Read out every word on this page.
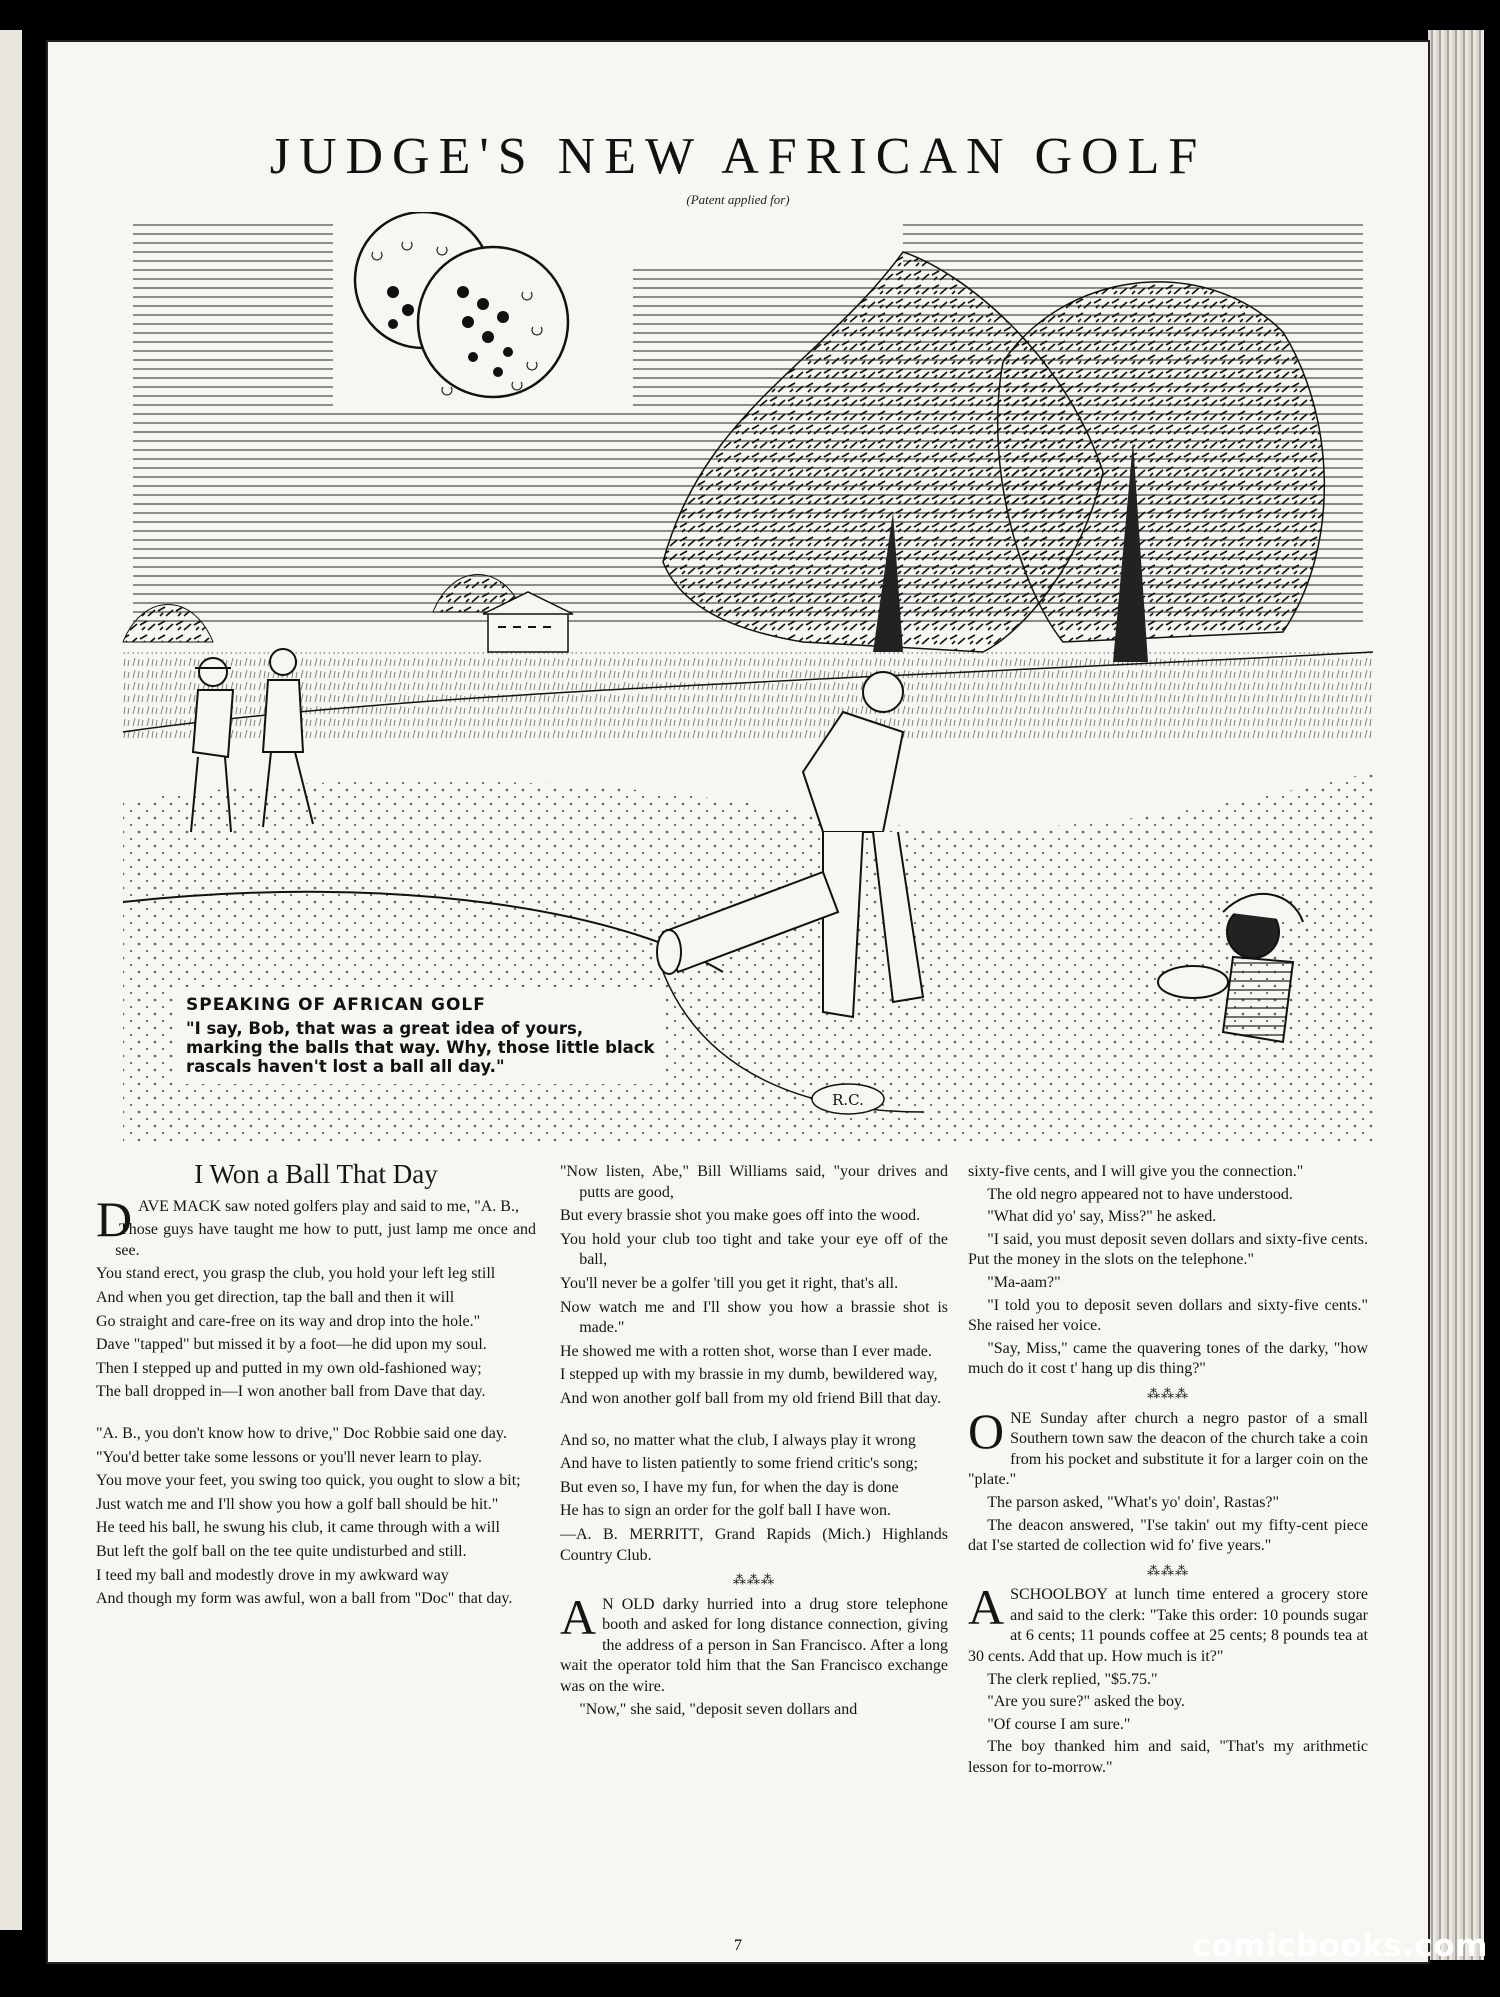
JUDGE'S NEW AFRICAN GOLF
(Patent applied for)
R.C.
SPEAKING OF AFRICAN GOLF
"I say, Bob, that was a great idea of yours, marking the balls that way. Why, those little black rascals haven't lost a ball all day."
I Won a Ball That Day

DAVE MACK saw noted golfers play and said to me, "A. B.,

Those guys have taught me how to putt, just lamp me once and see.

You stand erect, you grasp the club, you hold your left leg still

And when you get direction, tap the ball and then it will

Go straight and care-free on its way and drop into the hole."

Dave "tapped" but missed it by a foot—he did upon my soul.

Then I stepped up and putted in my own old-fashioned way;

The ball dropped in—I won another ball from Dave that day.

"A. B., you don't know how to drive," Doc Robbie said one day.

"You'd better take some lessons or you'll never learn to play.

You move your feet, you swing too quick, you ought to slow a bit;

Just watch me and I'll show you how a golf ball should be hit."

He teed his ball, he swung his club, it came through with a will

But left the golf ball on the tee quite undisturbed and still.

I teed my ball and modestly drove in my awkward way

And though my form was awful, won a ball from "Doc" that day.

"Now listen, Abe," Bill Williams said, "your drives and putts are good,

But every brassie shot you make goes off into the wood.

You hold your club too tight and take your eye off of the ball,

You'll never be a golfer 'till you get it right, that's all.

Now watch me and I'll show you how a brassie shot is made."

He showed me with a rotten shot, worse than I ever made.

I stepped up with my brassie in my dumb, bewildered way,

And won another golf ball from my old friend Bill that day.

And so, no matter what the club, I always play it wrong

And have to listen patiently to some friend critic's song;

But even so, I have my fun, for when the day is done

He has to sign an order for the golf ball I have won.

—A. B. MERRITT, Grand Rapids (Mich.) Highlands Country Club.

⁂⁂⁂

A N OLD darky hurried into a drug store telephone booth and asked for long distance connection, giving the address of a person in San Francisco. After a long wait the operator told him that the San Francisco exchange was on the wire.

"Now," she said, "deposit seven dollars and

sixty-five cents, and I will give you the connection."

The old negro appeared not to have understood.

"What did yo' say, Miss?" he asked.

"I said, you must deposit seven dollars and sixty-five cents. Put the money in the slots on the telephone."

"Ma-aam?"

"I told you to deposit seven dollars and sixty-five cents." She raised her voice.

"Say, Miss," came the quavering tones of the darky, "how much do it cost t' hang up dis thing?"

⁂⁂⁂

ONE Sunday after church a negro pastor of a small Southern town saw the deacon of the church take a coin from his pocket and substitute it for a larger coin on the "plate."

The parson asked, "What's yo' doin', Rastas?"

The deacon answered, "I'se takin' out my fifty-cent piece dat I'se started de collection wid fo' five years."

⁂⁂⁂

ASCHOOLBOY at lunch time entered a grocery store and said to the clerk: "Take this order: 10 pounds sugar at 6 cents; 11 pounds coffee at 25 cents; 8 pounds tea at 30 cents. Add that up. How much is it?"

The clerk replied, "$5.75."

"Are you sure?" asked the boy.

"Of course I am sure."

The boy thanked him and said, "That's my arithmetic lesson for to-morrow."

7	comicbooks.com
